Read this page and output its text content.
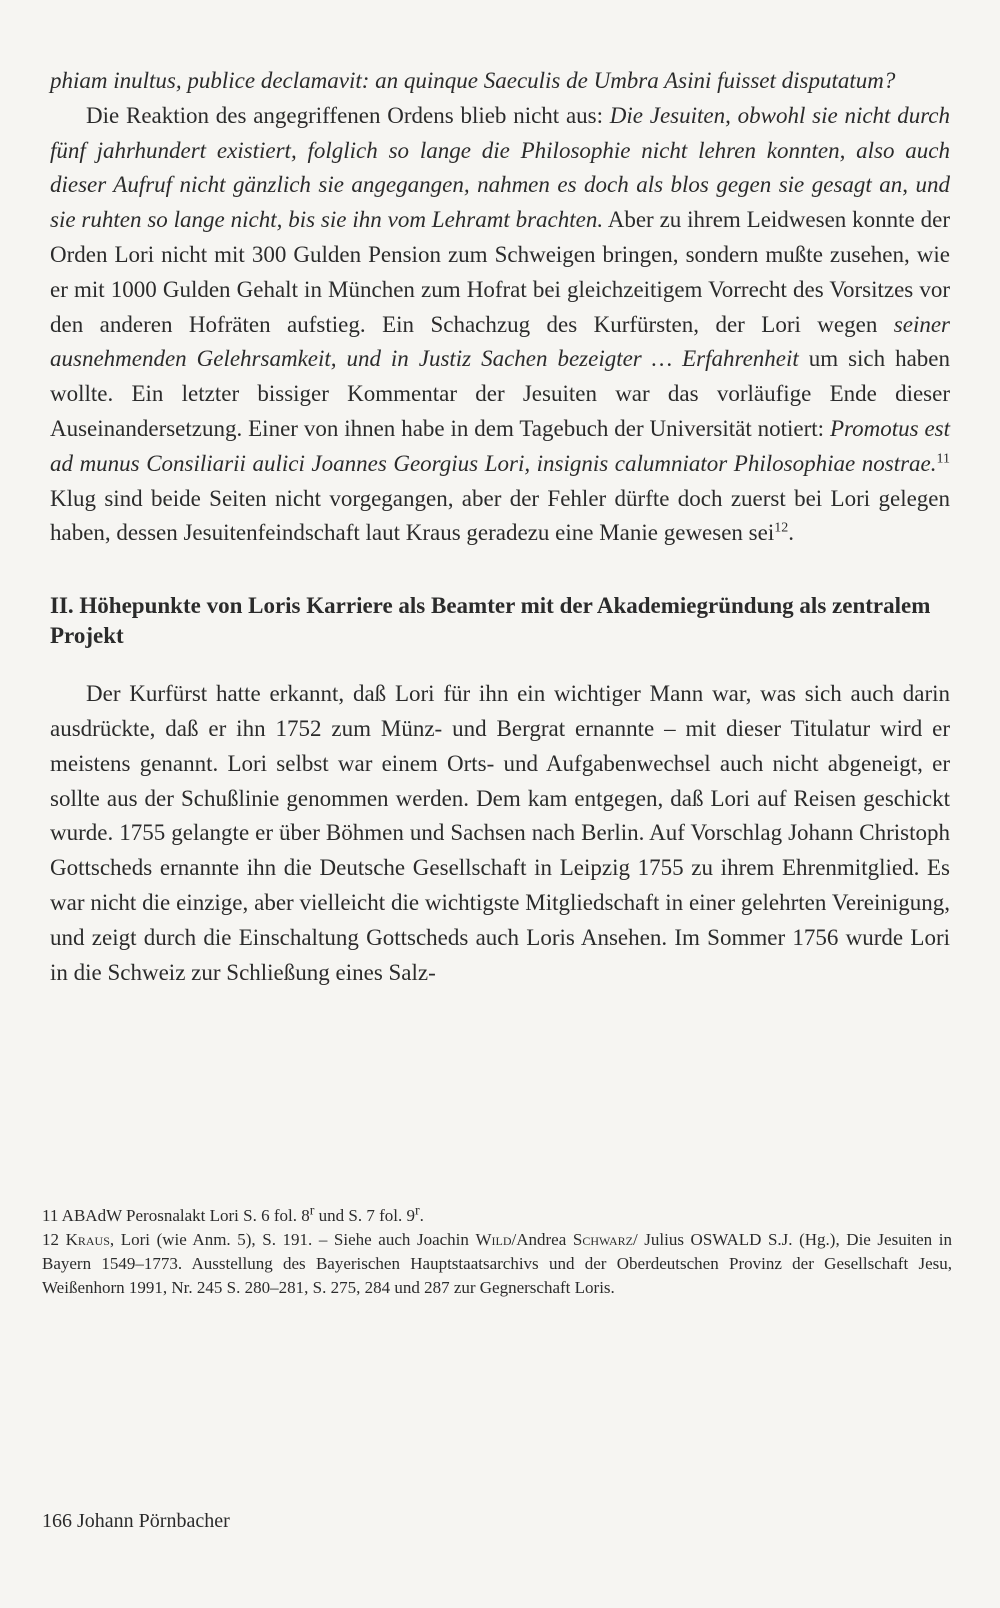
phiam inultus, publice declamavit: an quinque Saeculis de Umbra Asini fuisset disputatum?

Die Reaktion des angegriffenen Ordens blieb nicht aus: Die Jesuiten, obwohl sie nicht durch fünf jahrhundert existiert, folglich so lange die Philosophie nicht lehren konnten, also auch dieser Aufruf nicht gänzlich sie angegangen, nahmen es doch als blos gegen sie gesagt an, und sie ruhten so lange nicht, bis sie ihn vom Lehramt brachten. Aber zu ihrem Leidwesen konnte der Orden Lori nicht mit 300 Gulden Pension zum Schweigen bringen, sondern mußte zusehen, wie er mit 1000 Gulden Gehalt in München zum Hofrat bei gleichzeitigem Vorrecht des Vorsitzes vor den anderen Hofräten aufstieg. Ein Schachzug des Kurfürsten, der Lori wegen seiner ausnehmenden Gelehrsamkeit, und in Justiz Sachen bezeigter … Erfahrenheit um sich haben wollte. Ein letzter bissiger Kommentar der Jesuiten war das vorläufige Ende dieser Auseinandersetzung. Einer von ihnen habe in dem Tagebuch der Universität notiert: Promotus est ad munus Consiliarii aulici Joannes Georgius Lori, insignis calumniator Philosophiae nostrae.$^{11}$ Klug sind beide Seiten nicht vorgegangen, aber der Fehler dürfte doch zuerst bei Lori gelegen haben, dessen Jesuitenfeindschaft laut Kraus geradezu eine Manie gewesen sei$^{12}$.

II. Höhepunkte von Loris Karriere als Beamter mit der Akademiegründung als zentralem Projekt

Der Kurfürst hatte erkannt, daß Lori für ihn ein wichtiger Mann war, was sich auch darin ausdrückte, daß er ihn 1752 zum Münz- und Bergrat ernannte – mit dieser Titulatur wird er meistens genannt. Lori selbst war einem Orts- und Aufgabenwechsel auch nicht abgeneigt, er sollte aus der Schußlinie genommen werden. Dem kam entgegen, daß Lori auf Reisen geschickt wurde. 1755 gelangte er über Böhmen und Sachsen nach Berlin. Auf Vorschlag Johann Christoph Gottscheds ernannte ihn die Deutsche Gesellschaft in Leipzig 1755 zu ihrem Ehrenmitglied. Es war nicht die einzige, aber vielleicht die wichtigste Mitgliedschaft in einer gelehrten Vereinigung, und zeigt durch die Einschaltung Gottscheds auch Loris Ansehen. Im Sommer 1756 wurde Lori in die Schweiz zur Schließung eines Salz-

11 ABAdW Perosnalakt Lori S. 6 fol. 8$^r$ und S. 7 fol. 9$^r$.

12 Kraus, Lori (wie Anm. 5), S. 191. – Siehe auch Joachin Wild/Andrea Schwarz/ Julius OSWALD S.J. (Hg.), Die Jesuiten in Bayern 1549–1773. Ausstellung des Bayerischen Hauptstaatsarchivs und der Oberdeutschen Provinz der Gesellschaft Jesu, Weißenhorn 1991, Nr. 245 S. 280–281, S. 275, 284 und 287 zur Gegnerschaft Loris.

166 Johann Pörnbacher
